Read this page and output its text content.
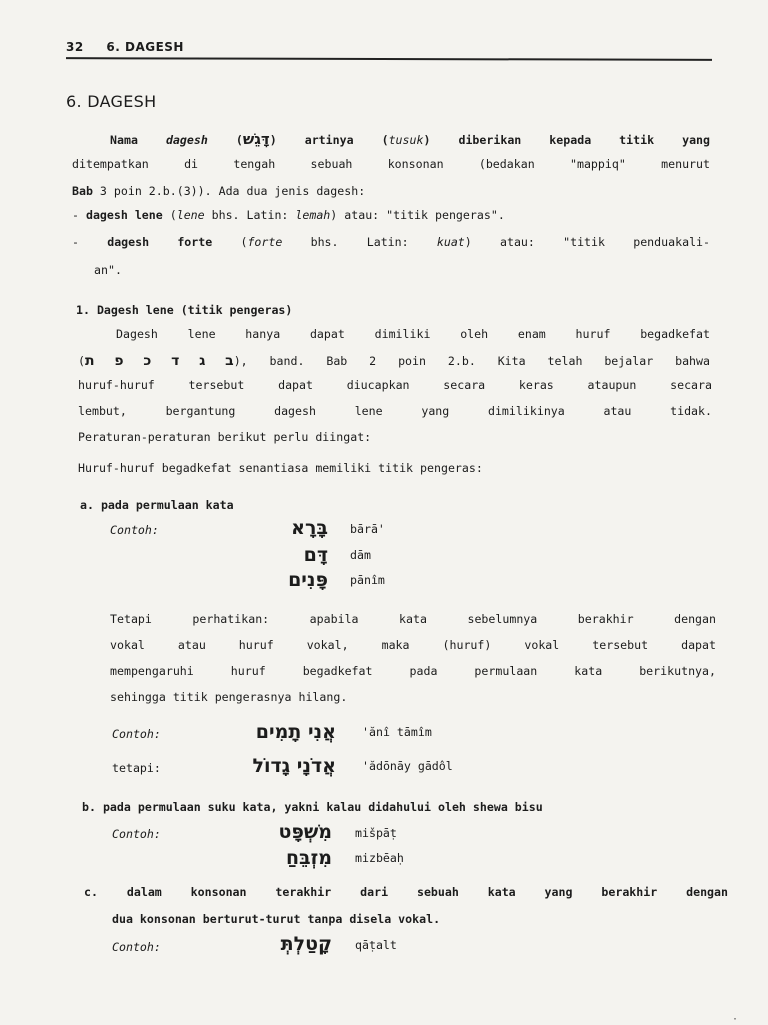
32 6. DAGESH
6. DAGESH
Nama dagesh (דָּגֵשׁ) artinya (tusuk) diberikan kepada titik yang
ditempatkan di tengah sebuah konsonan (bedakan "mappiq" menurut
Bab 3 poin 2.b.(3)). Ada dua jenis dagesh:
- dagesh lene (lene bhs. Latin: lemah) atau: "titik pengeras".
- dagesh forte (forte bhs. Latin: kuat) atau: "titik penduakali-
an".
1. Dagesh lene (titik pengeras)
Dagesh lene hanya dapat dimiliki oleh enam huruf begadkefat
(ב ג ד כ פ ת), band. Bab 2 poin 2.b. Kita telah bejalar bahwa
huruf-huruf tersebut dapat diucapkan secara keras ataupun secara
lembut, bergantung dagesh lene yang dimilikinya atau tidak.
Peraturan-peraturan berikut perlu diingat:
Huruf-huruf begadkefat senantiasa memiliki titik pengeras:
a. pada permulaan kata
Contoh:	בָּרָא bārā'
דָּם dām
פָּנִים pānîm
Tetapi perhatikan: apabila kata sebelumnya berakhir dengan
vokal atau huruf vokal, maka (huruf) vokal tersebut dapat
mempengaruhi huruf begadkefat pada permulaan kata berikutnya,
sehingga titik pengerasnya hilang.
Contoh:	אֲנִי תָמִים 'ănî tāmîm
tetapi:	אֲדֹנָי גָדוֹל 'ădōnāy gādôl
b. pada permulaan suku kata, yakni kalau didahului oleh shewa bisu
Contoh:	מִשְׁפָּט mišpāṭ
מִזְבֵּחַ mizbēaḥ
c. dalam konsonan terakhir dari sebuah kata yang berakhir dengan
dua konsonan berturut-turut tanpa disela vokal.
Contoh:	קָטַלְתְּ qāṭalt
·
